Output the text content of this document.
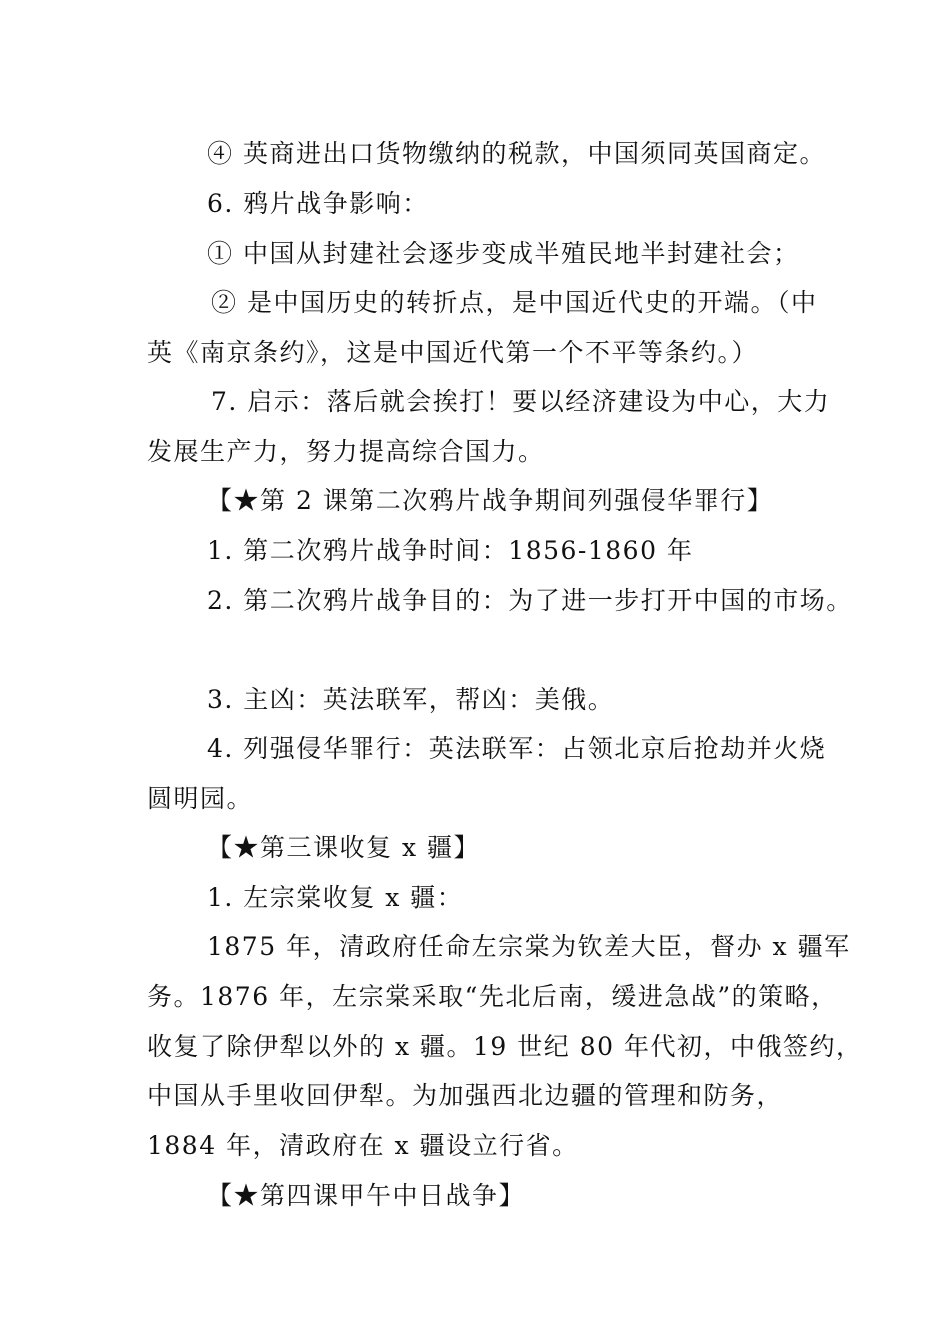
④ 英商进出口货物缴纳的税款，中国须同英国商定。
6. 鸦片战争影响：
① 中国从封建社会逐步变成半殖民地半封建社会；
② 是中国历史的转折点，是中国近代史的开端。（中
英《南京条约》，这是中国近代第一个不平等条约。）
7. 启示：落后就会挨打！要以经济建设为中心，大力
发展生产力，努力提高综合国力。
【★第 2 课第二次鸦片战争期间列强侵华罪行】
1. 第二次鸦片战争时间：1856-1860 年
2. 第二次鸦片战争目的：为了进一步打开中国的市场。
3. 主凶：英法联军，帮凶：美俄。
4. 列强侵华罪行：英法联军：占领北京后抢劫并火烧
圆明园。
【★第三课收复 x 疆】
1. 左宗棠收复 x 疆：
1875 年，清政府任命左宗棠为钦差大臣，督办 x 疆军
务。1876 年，左宗棠采取“先北后南，缓进急战”的策略，
收复了除伊犁以外的 x 疆。19 世纪 80 年代初，中俄签约，
中国从手里收回伊犁。为加强西北边疆的管理和防务，
1884 年，清政府在 x 疆设立行省。
【★第四课甲午中日战争】
